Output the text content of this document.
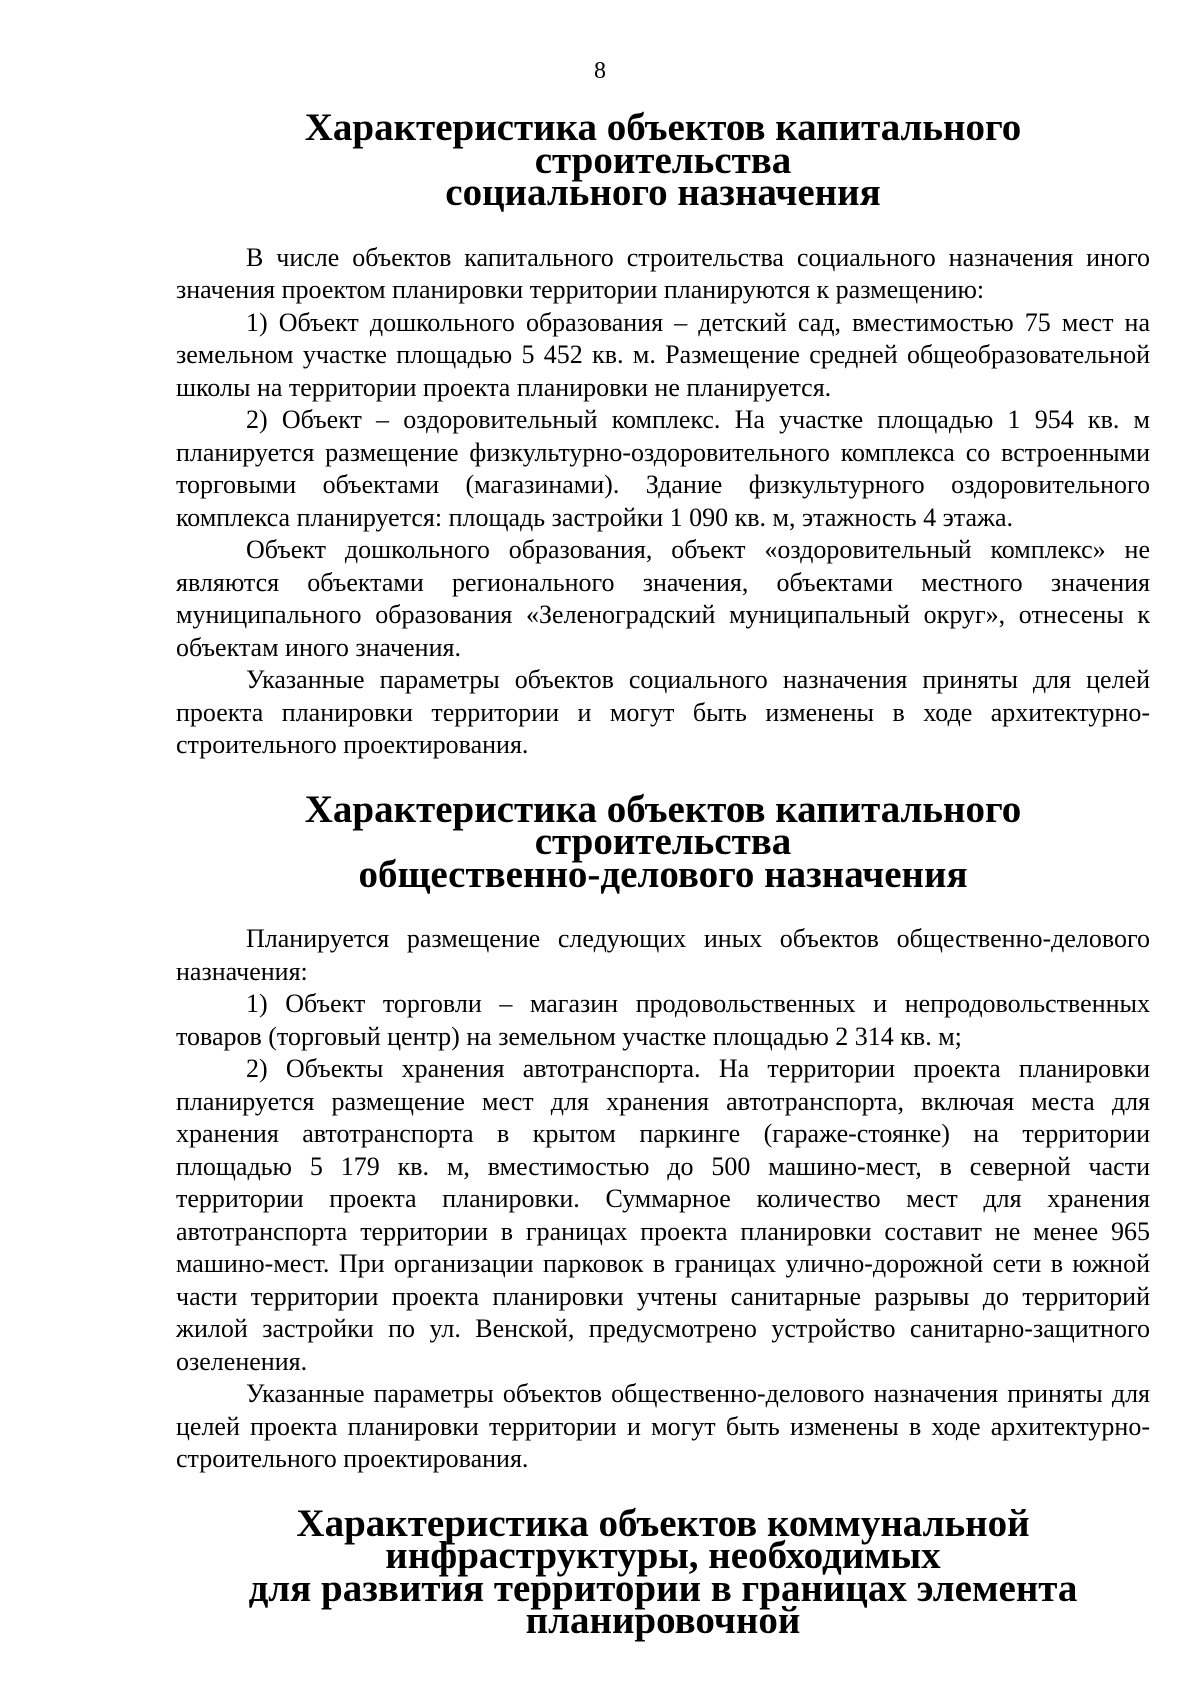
8
Характеристика объектов капитального строительства
социального назначения

В числе объектов капитального строительства социального назначения иного значения проектом планировки территории планируются к размещению:

1) Объект дошкольного образования – детский сад, вместимостью 75 мест на земельном участке площадью 5 452 кв. м. Размещение средней общеобразовательной школы на территории проекта планировки не планируется.

2) Объект – оздоровительный комплекс. На участке площадью 1 954 кв. м планируется размещение физкультурно-оздоровительного комплекса со встроенными торговыми объектами (магазинами). Здание физкультурного оздоровительного комплекса планируется: площадь застройки 1 090 кв. м, этажность 4 этажа.

Объект дошкольного образования, объект «оздоровительный комплекс» не являются объектами регионального значения, объектами местного значения муниципального образования «Зеленоградский муниципальный округ», отнесены к объектам иного значения.

Указанные параметры объектов социального назначения приняты для целей проекта планировки территории и могут быть изменены в ходе архитектурно-строительного проектирования.

Характеристика объектов капитального строительства
общественно-делового назначения

Планируется размещение следующих иных объектов общественно-делового назначения:

1) Объект торговли – магазин продовольственных и непродовольственных товаров (торговый центр) на земельном участке площадью 2 314 кв. м;

2) Объекты хранения автотранспорта. На территории проекта планировки планируется размещение мест для хранения автотранспорта, включая места для хранения автотранспорта в крытом паркинге (гараже-стоянке) на территории площадью 5 179 кв. м, вместимостью до 500 машино-мест, в северной части территории проекта планировки. Суммарное количество мест для хранения автотранспорта территории в границах проекта планировки составит не менее 965 машино-мест. При организации парковок в границах улично-дорожной сети в южной части территории проекта планировки учтены санитарные разрывы до территорий жилой застройки по ул. Венской, предусмотрено устройство санитарно-защитного озеленения.

Указанные параметры объектов общественно-делового назначения приняты для целей проекта планировки территории и могут быть изменены в ходе архитектурно-строительного проектирования.

Характеристика объектов коммунальной инфраструктуры, необходимых
для развития территории в границах элемента планировочной
